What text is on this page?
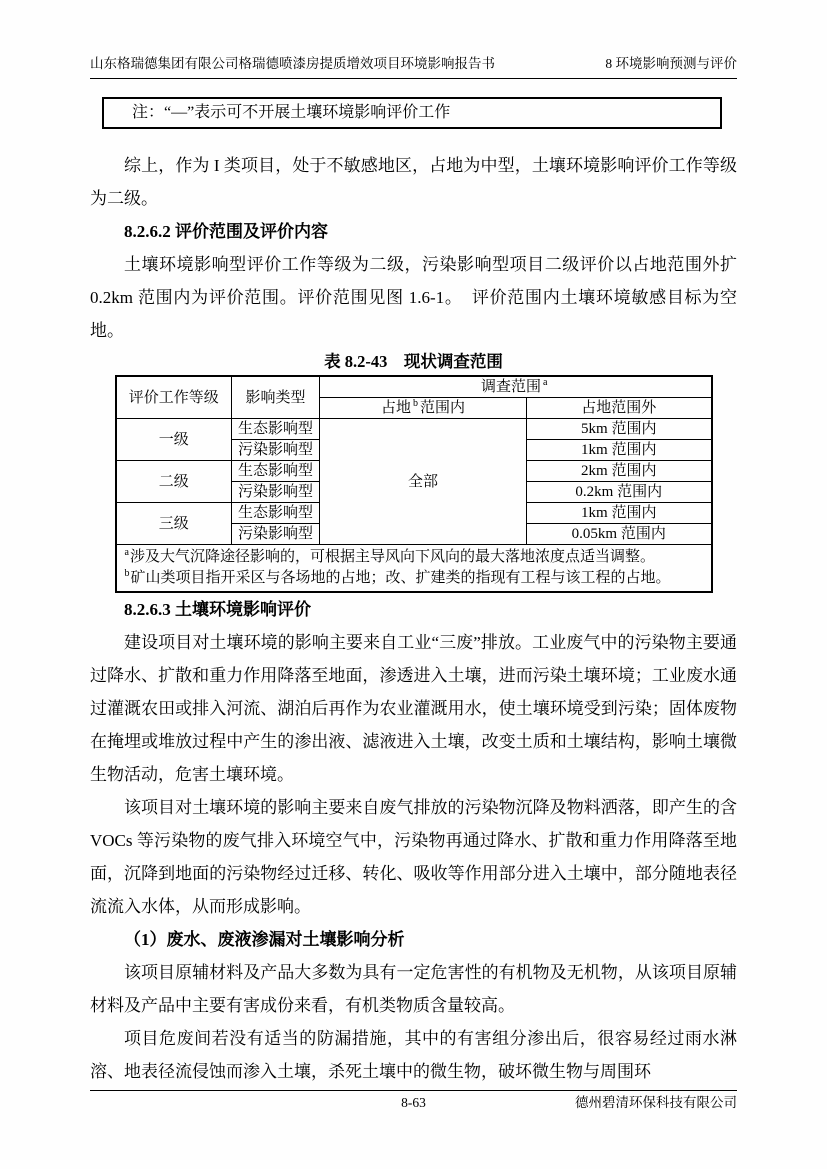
山东格瑞德集团有限公司格瑞德喷漆房提质增效项目环境影响报告书	8 环境影响预测与评价
注：“—”表示可不开展土壤环境影响评价工作

综上，作为 I 类项目，处于不敏感地区，占地为中型，土壤环境影响评价工作等级为二级。

8.2.6.2 评价范围及评价内容

土壤环境影响型评价工作等级为二级，污染影响型项目二级评价以占地范围外扩 0.2km 范围内为评价范围。评价范围见图 1.6-1。　评价范围内土壤环境敏感目标为空地。

表 8.2-43　现状调查范围
评价工作等级	影响类型	调查范围 $^a$
		占地 $^b$ 范围内	占地范围外
一级	生态影响型	全部	5km 范围内
	污染影响型		1km 范围内
二级	生态影响型		2km 范围内
	污染影响型		0.2km 范围内
三级	生态影响型		1km 范围内
	污染影响型		0.05km 范围内

$^a$涉及大气沉降途径影响的，可根据主导风向下风向的最大落地浓度点适当调整。
$^b$矿山类项目指开采区与各场地的占地；改、扩建类的指现有工程与该工程的占地。			
8.2.6.3 土壤环境影响评价

建设项目对土壤环境的影响主要来自工业“三废”排放。工业废气中的污染物主要通过降水、扩散和重力作用降落至地面，渗透进入土壤，进而污染土壤环境；工业废水通过灌溉农田或排入河流、湖泊后再作为农业灌溉用水，使土壤环境受到污染；固体废物在掩埋或堆放过程中产生的渗出液、滤液进入土壤，改变土质和土壤结构，影响土壤微生物活动，危害土壤环境。

该项目对土壤环境的影响主要来自废气排放的污染物沉降及物料洒落，即产生的含 VOCs 等污染物的废气排入环境空气中，污染物再通过降水、扩散和重力作用降落至地面，沉降到地面的污染物经过迁移、转化、吸收等作用部分进入土壤中，部分随地表径流流入水体，从而形成影响。

（1）废水、废液渗漏对土壤影响分析

该项目原辅材料及产品大多数为具有一定危害性的有机物及无机物，从该项目原辅材料及产品中主要有害成份来看，有机类物质含量较高。

项目危废间若没有适当的防漏措施，其中的有害组分渗出后，很容易经过雨水淋溶、地表径流侵蚀而渗入土壤，杀死土壤中的微生物，破坏微生物与周围环

8-63	德州碧清环保科技有限公司
